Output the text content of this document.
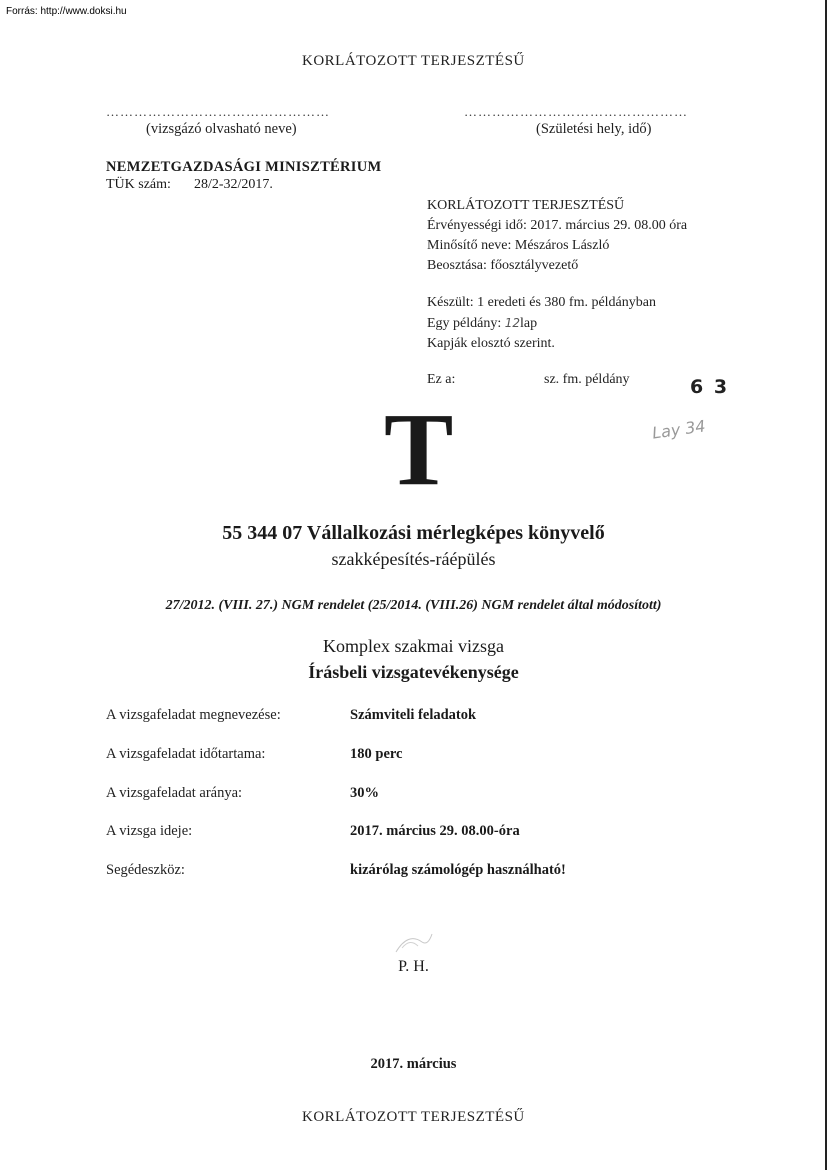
Forrás: http://www.doksi.hu
KORLÁTOZOTT TERJESZTÉSŰ
…………………………………………
(vizsgázó olvasható neve)
…………………………………………
(Születési hely, idő)
NEMZETGAZDASÁGI MINISZTÉRIUM
TÜK szám: 28/2-32/2017.
KORLÁTOZOTT TERJESZTÉSŰ
Érvényességi idő: 2017. március 29. 08.00 óra
Minősítő neve: Mészáros László
Beosztása: főosztályvezető
Készült: 1 eredeti és 380 fm. példányban
Egy példány: 12lap
Kapják elosztó szerint.
Ez a:	sz. fm. példány	6 3
Lay 34
T
55 344 07 Vállalkozási mérlegképes könyvelő
szakképesítés-ráépülés
27/2012. (VIII. 27.) NGM rendelet (25/2014. (VIII.26) NGM rendelet által módosított)
Komplex szakmai vizsga
Írásbeli vizsgatevékenysége
A vizsgafeladat megnevezése:	Számviteli feladatok
A vizsgafeladat időtartama:	180 perc
A vizsgafeladat aránya:	30%
A vizsga ideje:	2017. március 29. 08.00-óra
Segédeszköz:	kizárólag számológép használható!
P. H.
2017. március
KORLÁTOZOTT TERJESZTÉSŰ
